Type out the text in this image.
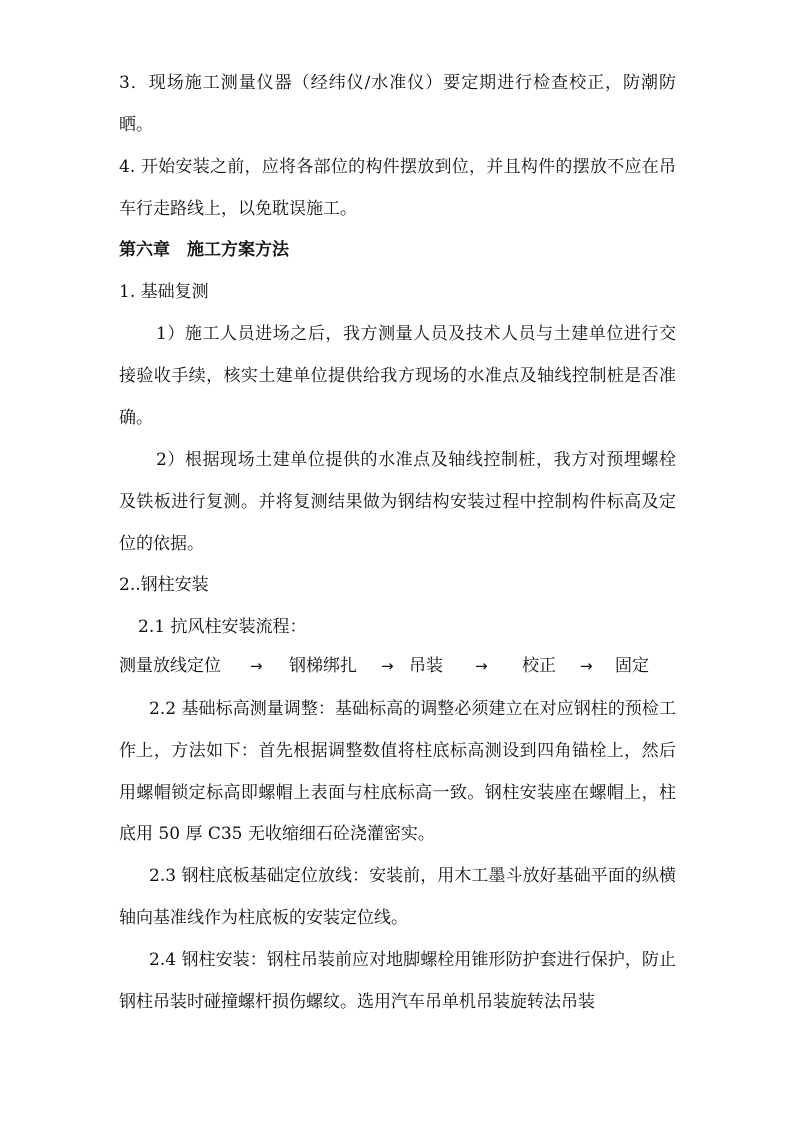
3．现场施工测量仪器（经纬仪/水准仪）要定期进行检查校正，防潮防晒。

4. 开始安装之前，应将各部位的构件摆放到位，并且构件的摆放不应在吊车行走路线上，以免耽误施工。

第六章　施工方案方法

1. 基础复测

1）施工人员进场之后，我方测量人员及技术人员与土建单位进行交接验收手续，核实土建单位提供给我方现场的水准点及轴线控制桩是否准确。

2）根据现场土建单位提供的水准点及轴线控制桩，我方对预埋螺栓及铁板进行复测。并将复测结果做为钢结构安装过程中控制构件标高及定位的依据。

2..钢柱安装

2.1 抗风柱安装流程：

测量放线定位 → 钢梯绑扎 → 吊装 → 校正 → 固定

2.2 基础标高测量调整：基础标高的调整必须建立在对应钢柱的预检工作上，方法如下：首先根据调整数值将柱底标高测设到四角锚栓上，然后用螺帽锁定标高即螺帽上表面与柱底标高一致。钢柱安装座在螺帽上，柱底用 50 厚 C35 无收缩细石砼浇灌密实。

2.3 钢柱底板基础定位放线：安装前，用木工墨斗放好基础平面的纵横轴向基准线作为柱底板的安装定位线。

2.4 钢柱安装：钢柱吊装前应对地脚螺栓用锥形防护套进行保护，防止钢柱吊装时碰撞螺杆损伤螺纹。选用汽车吊单机吊装旋转法吊装
